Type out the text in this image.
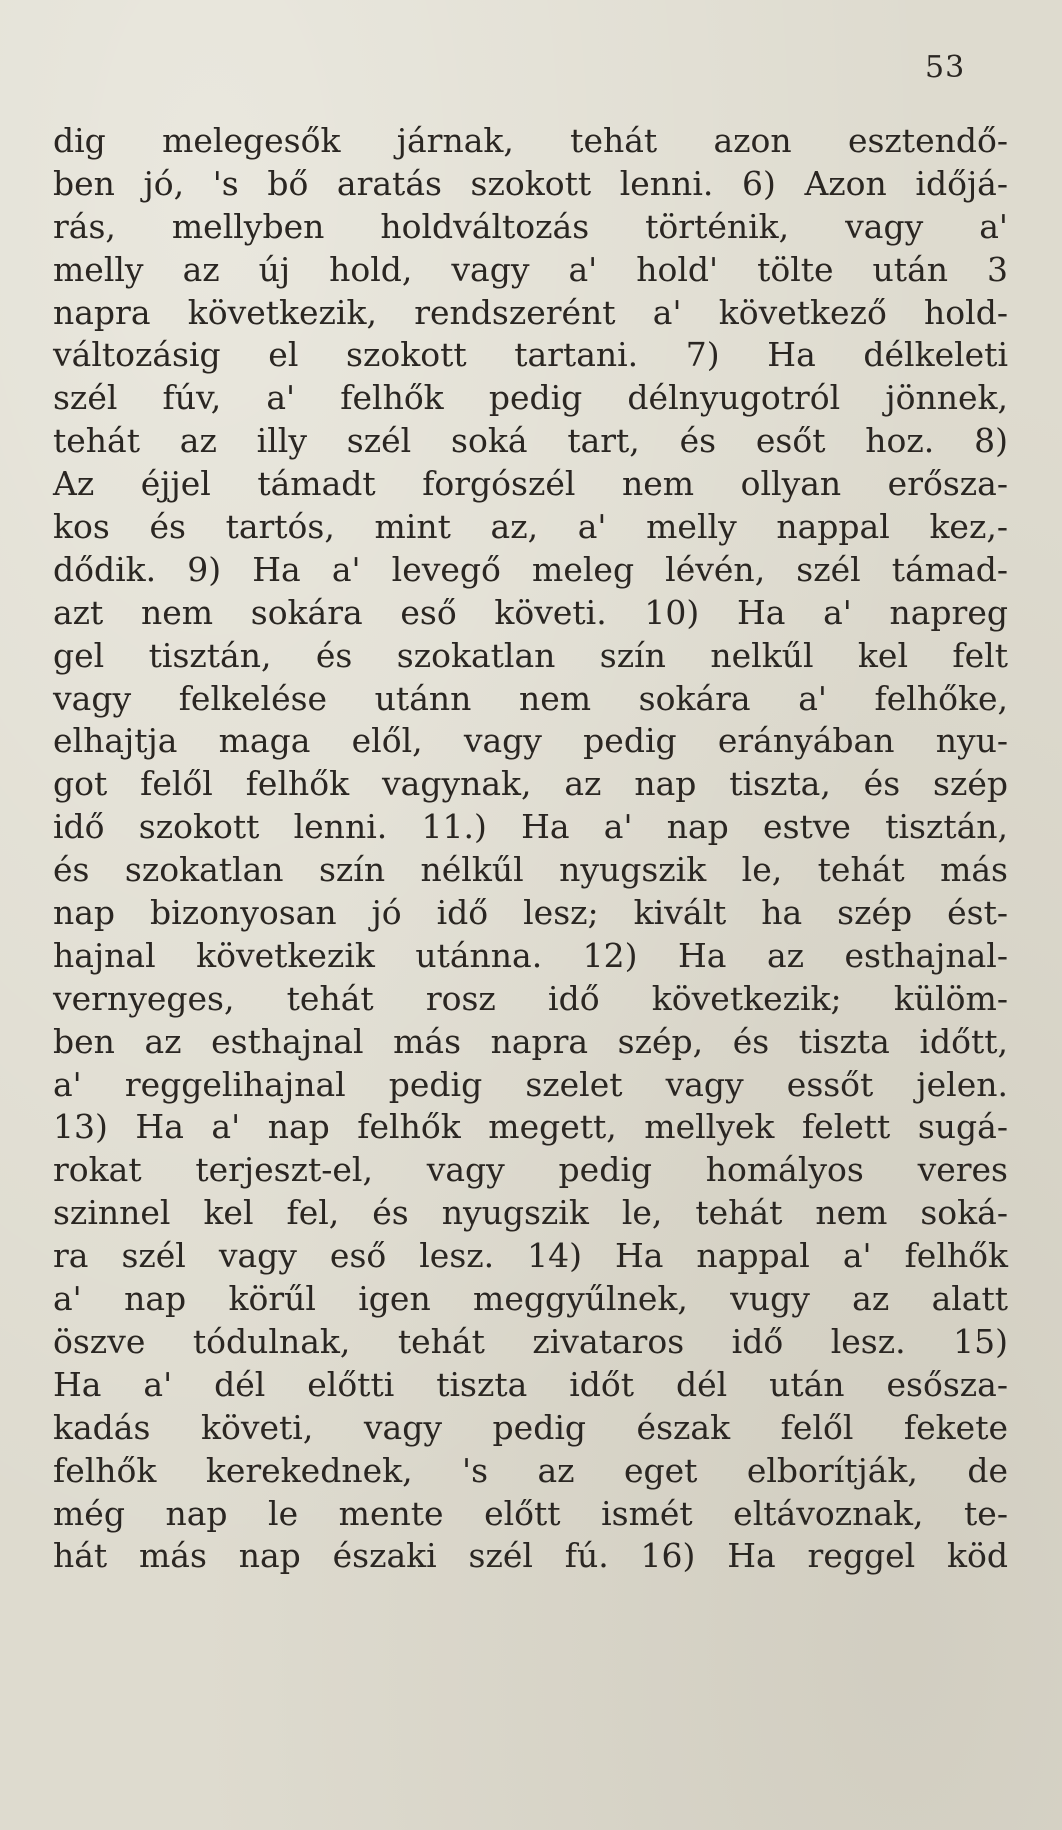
53
dig melegesők járnak, tehát azon esztendő-
ben jó, 's bő aratás szokott lenni. 6) Azon időjá-
rás, mellyben holdváltozás történik, vagy a'
melly az új hold, vagy a' hold' tölte után 3
napra következik, rendszerént a' következő hold-
változásig el szokott tartani. 7) Ha délkeleti
szél fúv, a' felhők pedig délnyugotról jönnek,
tehát az illy szél soká tart, és esőt hoz. 8)
Az éjjel támadt forgószél nem ollyan erősza-
kos és tartós, mint az, a' melly nappal kez,-
dődik. 9) Ha a' levegő meleg lévén, szél támad-
azt nem sokára eső követi. 10) Ha a' napreg
gel tisztán, és szokatlan szín nelkűl kel felt
vagy felkelése utánn nem sokára a' felhőke,
elhajtja maga elől, vagy pedig erányában nyu-
got felől felhők vagynak, az nap tiszta, és szép
idő szokott lenni. 11.) Ha a' nap estve tisztán,
és szokatlan szín nélkűl nyugszik le, tehát más
nap bizonyosan jó idő lesz; kivált ha szép ést-
hajnal következik utánna. 12) Ha az esthajnal-
vernyeges, tehát rosz idő következik; külöm-
ben az esthajnal más napra szép, és tiszta időtt,
a' reggelihajnal pedig szelet vagy essőt jelen.
13) Ha a' nap felhők megett, mellyek felett sugá-
rokat terjeszt-el, vagy pedig homályos veres
szinnel kel fel, és nyugszik le, tehát nem soká-
ra szél vagy eső lesz. 14) Ha nappal a' felhők
a' nap körűl igen meggyűlnek, vugy az alatt
öszve tódulnak, tehát zivataros idő lesz. 15)
Ha a' dél előtti tiszta időt dél után esősza-
kadás követi, vagy pedig észak felől fekete
felhők kerekednek, 's az eget elborítják, de
még nap le mente előtt ismét eltávoznak, te-
hát más nap északi szél fú. 16) Ha reggel köd
